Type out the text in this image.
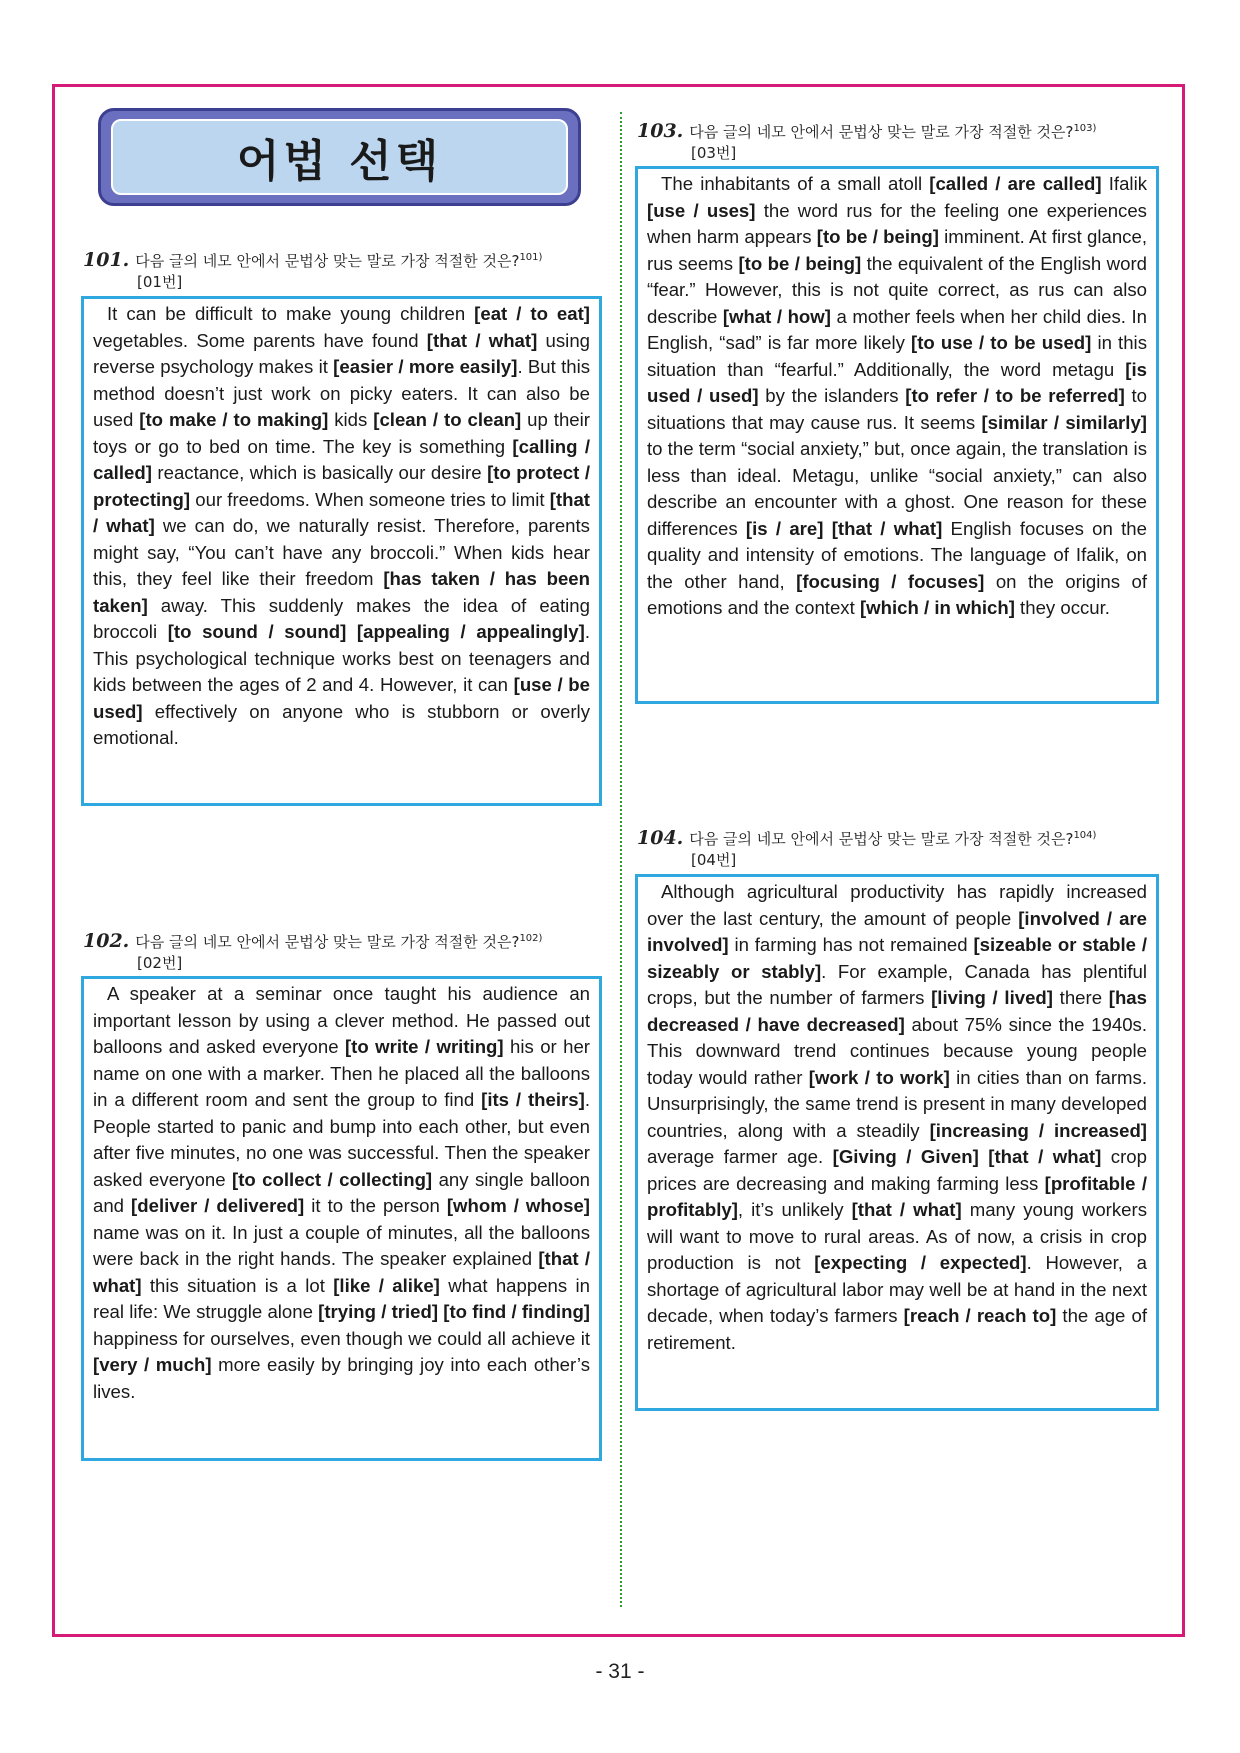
어법 선택
101. 다음 글의 네모 안에서 문법상 맞는 말로 가장 적절한 것은?$^{101)}$
[01번]

It can be difficult to make young children [eat / to eat] vegetables. Some parents have found [that / what] using reverse psychology makes it [easier / more easily]. But this method doesn’t just work on picky eaters. It can also be used [to make / to making] kids [clean / to clean] up their toys or go to bed on time. The key is something [calling / called] reactance, which is basically our desire [to protect / protecting] our freedoms. When someone tries to limit [that / what] we can do, we naturally resist. Therefore, parents might say, “You can’t have any broccoli.” When kids hear this, they feel like their freedom [has taken / has been taken] away. This suddenly makes the idea of eating broccoli [to sound / sound] [appealing / appealingly]. This psychological technique works best on teenagers and kids between the ages of 2 and 4. However, it can [use / be used] effectively on anyone who is stubborn or overly emotional.

102. 다음 글의 네모 안에서 문법상 맞는 말로 가장 적절한 것은?$^{102)}$
[02번]

A speaker at a seminar once taught his audience an important lesson by using a clever method. He passed out balloons and asked everyone [to write / writing] his or her name on one with a marker. Then he placed all the balloons in a different room and sent the group to find [its / theirs]. People started to panic and bump into each other, but even after five minutes, no one was successful. Then the speaker asked everyone [to collect / collecting] any single balloon and [deliver / delivered] it to the person [whom / whose] name was on it. In just a couple of minutes, all the balloons were back in the right hands. The speaker explained [that / what] this situation is a lot [like / alike] what happens in real life: We struggle alone [trying / tried] [to find / finding] happiness for ourselves, even though we could all achieve it [very / much] more easily by bringing joy into each other’s lives.

103. 다음 글의 네모 안에서 문법상 맞는 말로 가장 적절한 것은?$^{103)}$
[03번]

The inhabitants of a small atoll [called / are called] Ifalik [use / uses] the word rus for the feeling one experiences when harm appears [to be / being] imminent. At first glance, rus seems [to be / being] the equivalent of the English word “fear.” However, this is not quite correct, as rus can also describe [what / how] a mother feels when her child dies. In English, “sad” is far more likely [to use / to be used] in this situation than “fearful.” Additionally, the word metagu [is used / used] by the islanders [to refer / to be referred] to situations that may cause rus. It seems [similar / similarly] to the term “social anxiety,” but, once again, the translation is less than ideal. Metagu, unlike “social anxiety,” can also describe an encounter with a ghost. One reason for these differences [is / are] [that / what] English focuses on the quality and intensity of emotions. The language of Ifalik, on the other hand, [focusing / focuses] on the origins of emotions and the context [which / in which] they occur.

104. 다음 글의 네모 안에서 문법상 맞는 말로 가장 적절한 것은?$^{104)}$
[04번]

Although agricultural productivity has rapidly increased over the last century, the amount of people [involved / are involved] in farming has not remained [sizeable or stable / sizeably or stably]. For example, Canada has plentiful crops, but the number of farmers [living / lived] there [has decreased / have decreased] about 75% since the 1940s. This downward trend continues because young people today would rather [work / to work] in cities than on farms. Unsurprisingly, the same trend is present in many developed countries, along with a steadily [increasing / increased] average farmer age. [Giving / Given] [that / what] crop prices are decreasing and making farming less [profitable / profitably], it’s unlikely [that / what] many young workers will want to move to rural areas. As of now, a crisis in crop production is not [expecting / expected]. However, a shortage of agricultural labor may well be at hand in the next decade, when today’s farmers [reach / reach to] the age of retirement.

- 31 -
